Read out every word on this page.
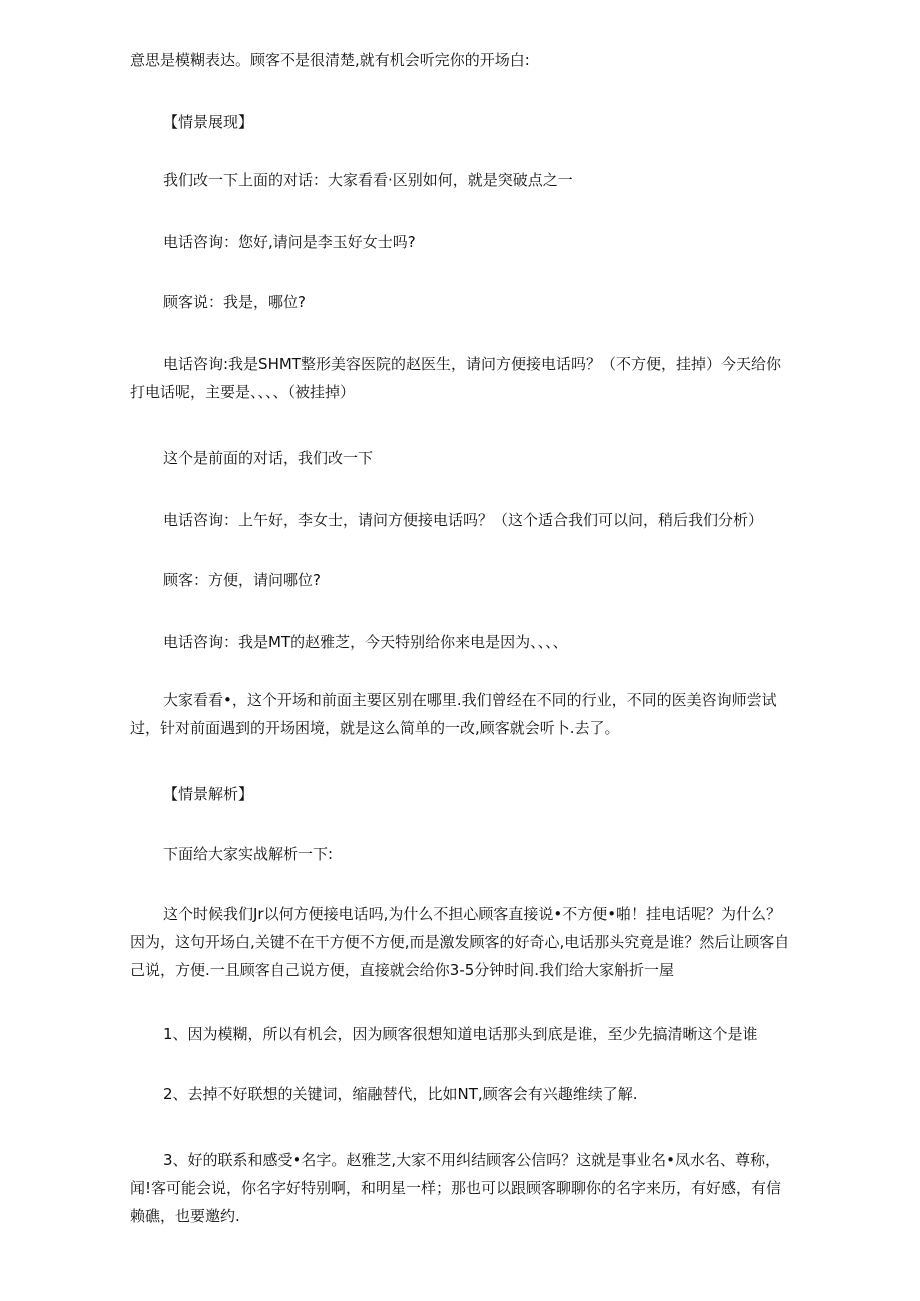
意思是模糊表达。顾客不是很清楚,就有机会听完你的开场白:
【情景展现】
我们改一下上面的对话：大家看看·区别如何，就是突破点之一
电话咨询：您好,请问是李玉好女士吗?
顾客说：我是，哪位?
电话咨询:我是SHMT整形美容医院的赵医生，请问方便接电话吗？（不方便，挂掉）今天给你打电话呢，主要是、、、、（被挂掉）
这个是前面的对话，我们改一下
电话咨询：上午好，李女士，请问方便接电话吗？（这个适合我们可以问，稍后我们分析）
顾客：方便，请问哪位?
电话咨询：我是MT的赵雅芝，今天特别给你来电是因为、、、、
大家看看•，这个开场和前面主要区别在哪里.我们曾经在不同的行业，不同的医美咨询师尝试过，针对前面遇到的开场困境，就是这么简单的一改,顾客就会听卜.去了。
【情景解析】
下面给大家实战解析一下:
这个时候我们Jr以何方便接电话吗,为什么不担心顾客直接说•不方便•啪！挂电话呢？为什么？因为，这句开场白,关键不在干方便不方便,而是激发顾客的好奇心,电话那头究竟是谁？然后让顾客自己说，方便.一且顾客自己说方便，直接就会给你3-5分钟时间.我们给大家斛折一屋
1、因为模糊，所以有机会，因为顾客很想知道电话那头到底是谁，至少先搞清晰这个是谁
2、去掉不好联想的关键词，缩融替代，比如NT,顾客会有兴趣维续了解.
3、好的联系和感受•名字。赵雅芝,大家不用纠结顾客公信吗？这就是事业名•凤水名、尊称，闻!客可能会说，你名字好特别啊，和明星一样；那也可以跟顾客聊聊你的名字来历，有好感，有信赖礁，也要邀约.
